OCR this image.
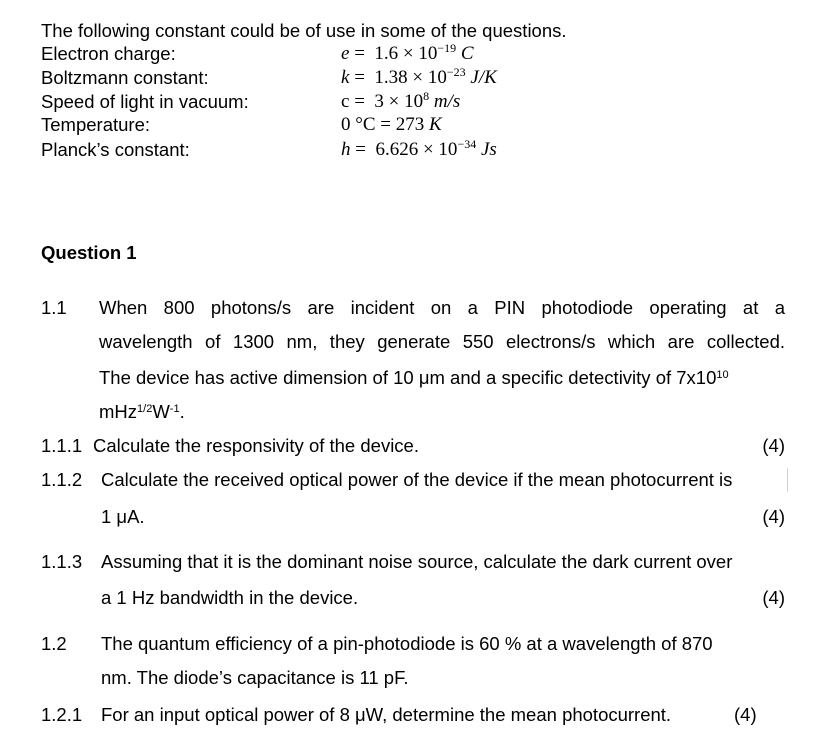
The following constant could be of use in some of the questions.
Electron charge:	$e = 1.6 \times 10^{-19}$ C
Boltzmann constant:	$k = 1.38 \times 10^{-23}$ J/K
Speed of light in vacuum:	$c = 3 \times 10^8$ m/s
Temperature:	0 °C = 273 K
Planck’s constant:	$h = 6.626 \times 10^{-34}$ Js
Question 1
1.1 When 800 photons/s are incident on a PIN photodiode operating at a
wavelength of 1300 nm, they generate 550 electrons/s which are collected.
The device has active dimension of 10 μm and a specific detectivity of $7x10^{10}$
$mHz^{1/2}W^{-1}$.
1.1.1 Calculate the responsivity of the device.	(4)
1.1.2 Calculate the received optical power of the device if the mean photocurrent is
1 μA.	(4)
1.1.3 Assuming that it is the dominant noise source, calculate the dark current over
a 1 Hz bandwidth in the device.	(4)
1.2 The quantum efficiency of a pin-photodiode is 60 % at a wavelength of 870
nm. The diode’s capacitance is 11 pF.
1.2.1 For an input optical power of 8 μW, determine the mean photocurrent.	(4)
